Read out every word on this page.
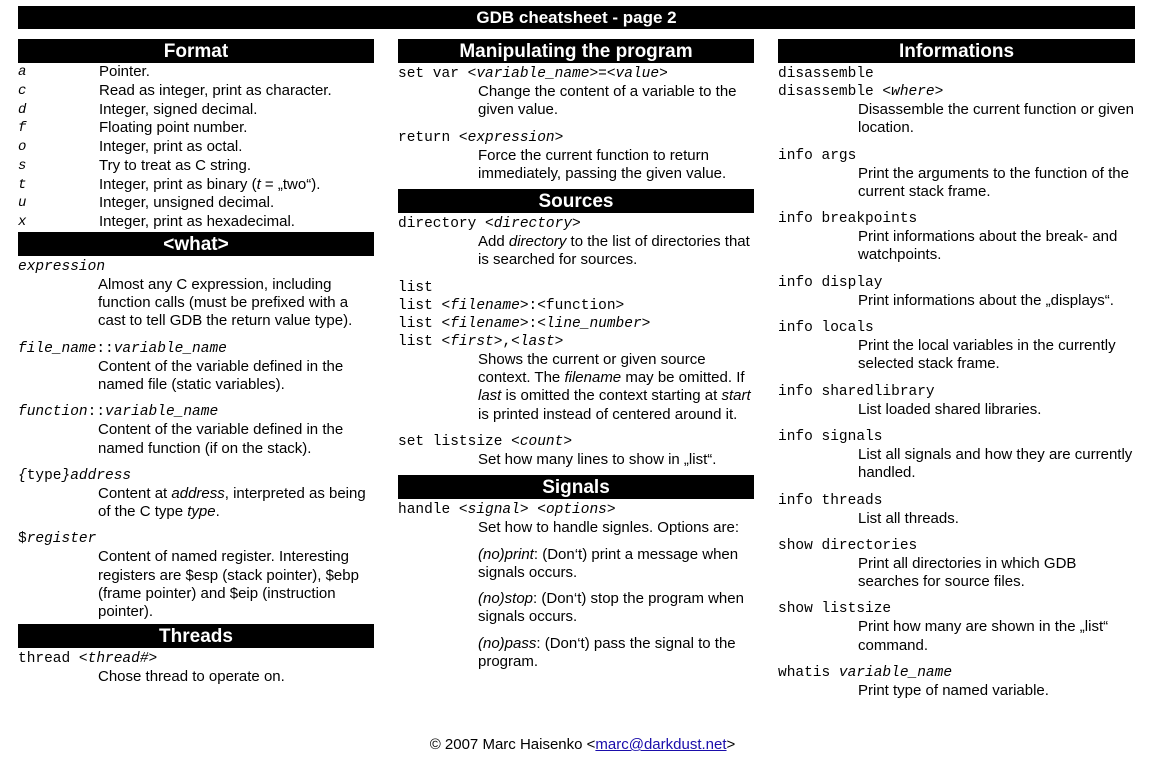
GDB cheatsheet - page 2
Format
a	Pointer.
c	Read as integer, print as character.
d	Integer, signed decimal.
f	Floating point number.
o	Integer, print as octal.
s	Try to treat as C string.
t	Integer, print as binary (t = „two“).
u	Integer, unsigned decimal.
x	Integer, print as hexadecimal.
<what>
expression
Almost any C expression, including function calls (must be prefixed with a cast to tell GDB the return value type).
file_name::variable_name
Content of the variable defined in the named file (static variables).
function::variable_name
Content of the variable defined in the named function (if on the stack).
{type}address
Content at address, interpreted as being of the C type type.
$register
Content of named register. Interesting registers are $esp (stack pointer), $ebp (frame pointer) and $eip (instruction pointer).
Threads
thread <thread#>
Chose thread to operate on.
Manipulating the program
set var <variable_name>=<value>
Change the content of a variable to the given value.
return <expression>
Force the current function to return immediately, passing the given value.
Sources
directory <directory>
Add directory to the list of directories that is searched for sources.
list
list <filename>:<function>
list <filename>:<line_number>
list <first>,<last>
Shows the current or given source context. The filename may be omitted. If last is omitted the context starting at start is printed instead of centered around it.
set listsize <count>
Set how many lines to show in „list“.
Signals
handle <signal> <options>

Set how to handle signles. Options are:

(no)print: (Don‘t) print a message when signals occurs.

(no)stop: (Don‘t) stop the program when signals occurs.

(no)pass: (Don‘t) pass the signal to the program.

Informations
disassemble
disassemble <where>
Disassemble the current function or given location.
info args
Print the arguments to the function of the current stack frame.
info breakpoints
Print informations about the break- and watchpoints.
info display
Print informations about the „displays“.
info locals
Print the local variables in the currently selected stack frame.
info sharedlibrary
List loaded shared libraries.
info signals
List all signals and how they are currently handled.
info threads
List all threads.
show directories
Print all directories in which GDB searches for source files.
show listsize
Print how many are shown in the „list“ command.
whatis variable_name
Print type of named variable.
© 2007 Marc Haisenko <marc@darkdust.net>
